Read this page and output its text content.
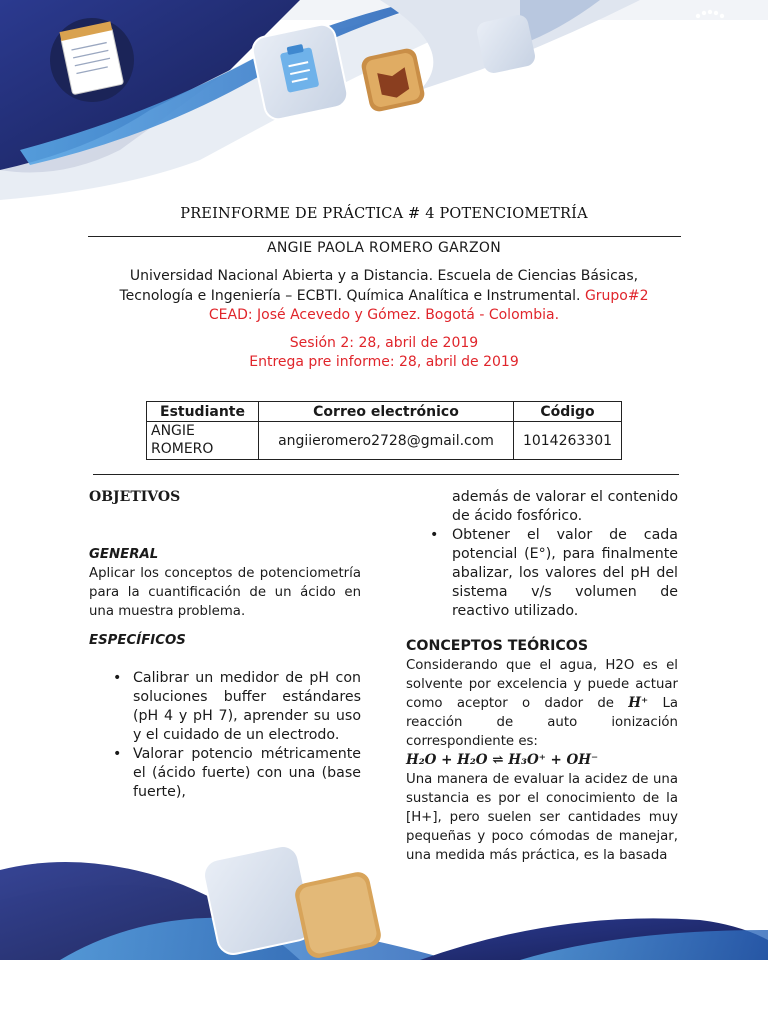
UNAD
Universidad Nacional
Abierta y a Distancia
PREINFORME DE PRÁCTICA # 4 POTENCIOMETRÍA
ANGIE PAOLA ROMERO GARZON
Universidad Nacional Abierta y a Distancia. Escuela de Ciencias Básicas,
Tecnología e Ingeniería – ECBTI. Química Analítica e Instrumental. Grupo#2
CEAD: José Acevedo y Gómez. Bogotá - Colombia.
Sesión 2: 28, abril de 2019
Entrega pre informe: 28, abril de 2019
Estudiante	Correo electrónico	Código

ANGIE
ROMERO	angiieromero2728@gmail.com	1014263301
OBJETIVOS
GENERAL
Aplicar los conceptos de potenciometría para la cuantificación de un ácido en una muestra problema.
ESPECÍFICOS
• Calibrar un medidor de pH con soluciones buffer estándares (pH 4 y pH 7), aprender su uso y el cuidado de un electrodo.
• Valorar potencio métricamente el (ácido fuerte) con una (base fuerte),
además de valorar el contenido de ácido fosfórico.
• Obtener el valor de cada potencial (E°), para finalmente abalizar, los valores del pH del sistema v/s volumen de reactivo utilizado.
CONCEPTOS TEÓRICOS
Considerando que el agua, H2O es el solvente por excelencia y puede actuar como aceptor o dador de H⁺ La reacción de auto ionización correspondiente es:
H₂O + H₂O ⇌ H₃O⁺ + OH⁻
Una manera de evaluar la acidez de una sustancia es por el conocimiento de la [H+], pero suelen ser cantidades muy pequeñas y poco cómodas de manejar, una medida más práctica, es la basada
